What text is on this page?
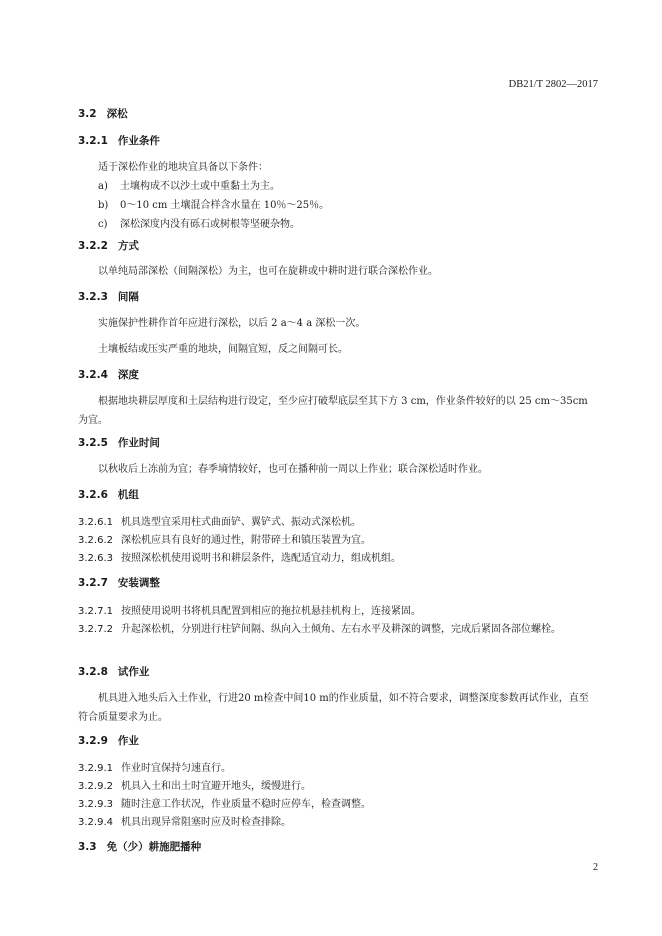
DB21/T 2802—2017
3.2 深松
3.2.1 作业条件
适于深松作业的地块宜具备以下条件：
a) 土壤构成不以沙土或中重黏土为主。
b) 0～10 cm 土壤混合样含水量在 10％～25％。
c) 深松深度内没有砾石或树根等坚硬杂物。
3.2.2 方式
以单纯局部深松（间隔深松）为主，也可在旋耕或中耕时进行联合深松作业。
3.2.3 间隔
实施保护性耕作首年应进行深松，以后 2 a～4 a 深松一次。
土壤板结或压实严重的地块，间隔宜短，反之间隔可长。
3.2.4 深度
根据地块耕层厚度和土层结构进行设定，至少应打破犁底层至其下方 3 cm，作业条件较好的以 25 cm～35cm 为宜。
3.2.5 作业时间
以秋收后上冻前为宜；春季墒情较好，也可在播种前一周以上作业；联合深松适时作业。
3.2.6 机组
3.2.6.1 机具选型宜采用柱式曲面铲、翼铲式、振动式深松机。
3.2.6.2 深松机应具有良好的通过性，附带碎土和镇压装置为宜。
3.2.6.3 按照深松机使用说明书和耕层条件，选配适宜动力，组成机组。
3.2.7 安装调整
3.2.7.1 按照使用说明书将机具配置到相应的拖拉机悬挂机构上，连接紧固。
3.2.7.2 升起深松机，分别进行柱铲间隔、纵向入土倾角、左右水平及耕深的调整，完成后紧固各部位螺栓。
3.2.8 试作业
机具进入地头后入土作业，行进20 m检查中间10 m的作业质量，如不符合要求，调整深度参数再试作业，直至符合质量要求为止。
3.2.9 作业
3.2.9.1 作业时宜保持匀速直行。
3.2.9.2 机具入土和出土时宜避开地头，缓慢进行。
3.2.9.3 随时注意工作状况，作业质量不稳时应停车，检查调整。
3.2.9.4 机具出现异常阻塞时应及时检查排除。
3.3 免（少）耕施肥播种
2
